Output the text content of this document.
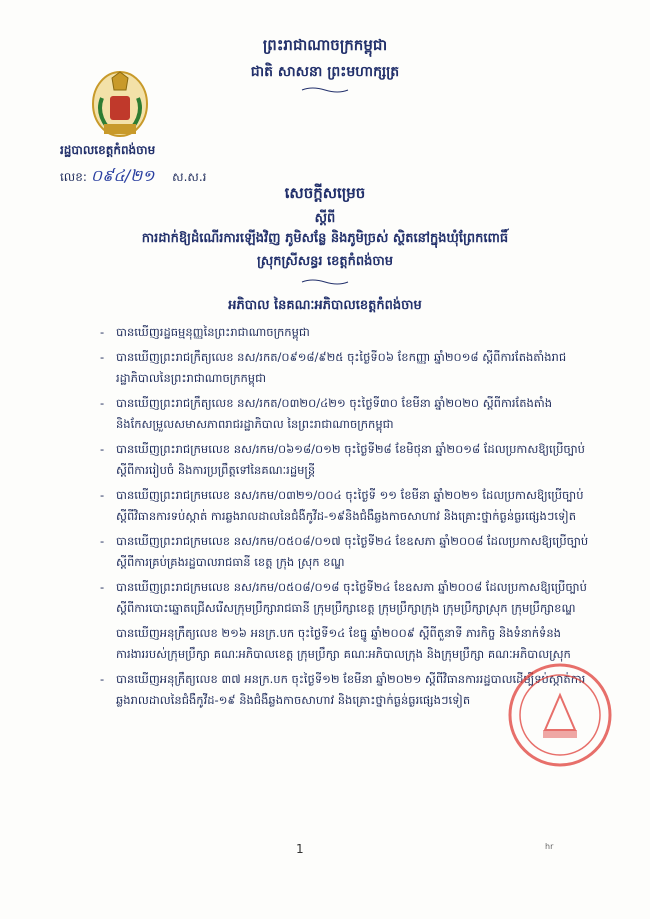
ព្រះរាជាណាចក្រកម្ពុជា
ជាតិ សាសនា ព្រះមហាក្សត្រ
រដ្ឋបាលខេត្តកំពង់ចាម
លេខ: ០៩៤/២១ ស.ស.រ
សេចក្តីសម្រេច
ស្តីពី
ការដាក់ឱ្យដំណើរការឡើងវិញ ភូមិសន្លែ និងភូមិច្រស់ ស្ថិតនៅក្នុងឃុំព្រែកពោធិ៍
ស្រុកស្រីសន្ធរ ខេត្តកំពង់ចាម
អភិបាល នៃគណៈអភិបាលខេត្តកំពង់ចាម
-	បានឃើញរដ្ឋធម្មនុញ្ញនៃព្រះរាជាណាចក្រកម្ពុជា
-	បានឃើញព្រះរាជក្រឹត្យលេខ នស/រកត/០៩១៨/៩២៥ ចុះថ្ងៃទី០៦ ខែកញ្ញា ឆ្នាំ២០១៨ ស្តីពីការតែងតាំងរាជរដ្ឋាភិបាលនៃព្រះរាជាណាចក្រកម្ពុជា
-	បានឃើញព្រះរាជក្រឹត្យលេខ នស/រកត/០៣២០/៤២១ ចុះថ្ងៃទី៣០ ខែមីនា ឆ្នាំ២០២០ ស្តីពីការតែងតាំង និងកែសម្រួលសមាសភាពរាជរដ្ឋាភិបាល នៃព្រះរាជាណាចក្រកម្ពុជា
-	បានឃើញព្រះរាជក្រមលេខ នស/រកម/០៦១៨/០១២ ចុះថ្ងៃទី២៨ ខែមិថុនា ឆ្នាំ២០១៨ ដែលប្រកាសឱ្យប្រើច្បាប់ស្តីពីការរៀបចំ និងការប្រព្រឹត្តទៅនៃគណៈរដ្ឋមន្ត្រី
-	បានឃើញព្រះរាជក្រមលេខ នស/រកម/០៣២១/០០៤ ចុះថ្ងៃទី ១១ ខែមីនា ឆ្នាំ២០២១ ដែលប្រកាសឱ្យប្រើច្បាប់ស្តីពីវិធានការទប់ស្កាត់ ការឆ្លងរាលដាលនៃជំងឺកូវីដ-១៩និងជំងឺឆ្លងកាចសាហាវ និងគ្រោះថ្នាក់ធ្ងន់ធ្ងរផ្សេងៗទៀត
-	បានឃើញព្រះរាជក្រមលេខ នស/រកម/០៥០៨/០១៧ ចុះថ្ងៃទី២៤ ខែឧសភា ឆ្នាំ២០០៨ ដែលប្រកាសឱ្យប្រើច្បាប់ស្តីពីការគ្រប់គ្រងរដ្ឋបាលរាជធានី ខេត្ត ក្រុង ស្រុក ខណ្ឌ
-	បានឃើញព្រះរាជក្រមលេខ នស/រកម/០៥០៨/០១៨ ចុះថ្ងៃទី២៤ ខែឧសភា ឆ្នាំ២០០៨ ដែលប្រកាសឱ្យប្រើច្បាប់ស្តីពីការបោះឆ្នោតជ្រើសរើសក្រុមប្រឹក្សារាជធានី ក្រុមប្រឹក្សាខេត្ត ក្រុមប្រឹក្សាក្រុង ក្រុមប្រឹក្សាស្រុក ក្រុមប្រឹក្សាខណ្ឌ
បានឃើញអនុក្រឹត្យលេខ ២១៦ អនក្រ.បក ចុះថ្ងៃទី១៤ ខែធ្នូ ឆ្នាំ២០០៩ ស្តីពីតួនាទី ភារកិច្ច និងទំនាក់ទំនងការងាររបស់ក្រុមប្រឹក្សា គណៈអភិបាលខេត្ត ក្រុមប្រឹក្សា គណៈអភិបាលក្រុង និងក្រុមប្រឹក្សា គណៈអភិបាលស្រុក
-	បានឃើញអនុក្រឹត្យលេខ ៣៧ អនក្រ.បក ចុះថ្ងៃទី១២ ខែមីនា ឆ្នាំ២០២១ ស្តីពីវិធានការរដ្ឋបាលដើម្បីទប់ស្កាត់ការឆ្លងរាលដាលនៃជំងឺកូវីដ-១៩ និងជំងឺឆ្លងកាចសាហាវ និងគ្រោះថ្នាក់ធ្ងន់ធ្ងរផ្សេងៗទៀត
1	hr
